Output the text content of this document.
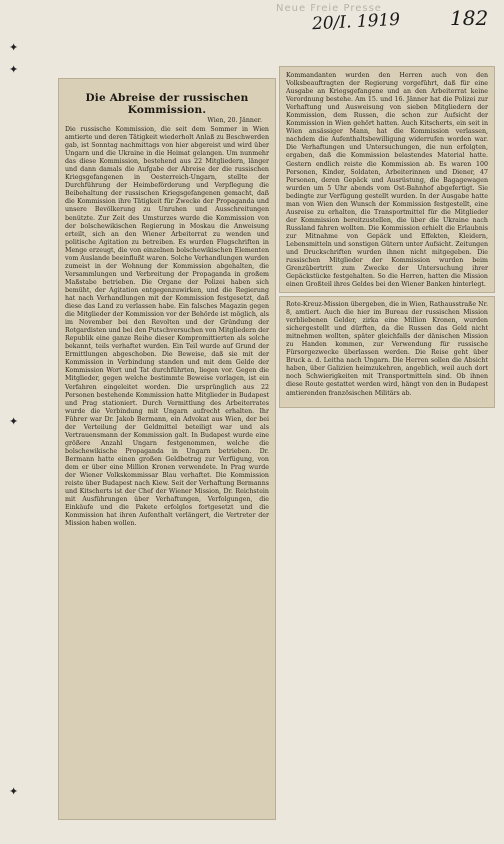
✦
✦
✦
✦
Neue Freie Presse
20/I. 1919 182
Die Abreise der russischen Kommission.
Wien, 20. Jänner.

Die russische Kommission, die seit dem Sommer in Wien amtierte und deren Tätigkeit wiederholt Anlaß zu Beschwerden gab, ist Sonntag nachmittags von hier abgereist und wird über Ungarn und die Ukraine in die Heimat gelangen. Um nunmehr das diese Kommission, bestehend aus 22 Mitgliedern, länger und dann damals die Aufgabe der Abreise der die russischen Kriegsgefangenen in Oesterreich-Ungarn, stellte der Durchführung der Heimbeförderung und Verpflegung die Beibehaltung der russischen Kriegsgefangenen gemacht, daß die Kommission ihre Tätigkeit für Zwecke der Propaganda und unsere Bevölkerung zu Unruhen und Ausschreitungen benützte. Zur Zeit des Umsturzes wurde die Kommission von der bolschewikischen Regierung in Moskau die Anweisung erteilt, sich an den Wiener Arbeiterrat zu wenden und politische Agitation zu betreiben. Es wurden Flugschriften in Menge erzeugt, die von einzelnen bolschewikischen Elementen vom Auslande beeinflußt waren. Solche Verhandlungen wurden zumeist in der Wohnung der Kommission abgehalten, die Versammlungen und Verbreitung der Propaganda in großem Maßstabe betrieben. Die Organe der Polizei haben sich bemüht, der Agitation entgegenzuwirken, und die Regierung hat nach Verhandlungen mit der Kommission festgesetzt, daß diese das Land zu verlassen habe. Ein falsches Magazin gegen die Mitglieder der Kommission vor der Behörde ist möglich, als im November bei den Revolten und der Gründung der Rotgardisten und bei den Putschversuchen von Mitgliedern der Republik eine ganze Reihe dieser Kompromittierten als solche bekannt, teils verhaftet wurden. Ein Teil wurde auf Grund der Ermittlungen abgeschoben. Die Beweise, daß sie mit der Kommission in Verbindung standen und mit dem Gelde der Kommission Wort und Tat durchführten, liegen vor. Gegen die Mitglieder, gegen welche bestimmte Beweise vorlagen, ist ein Verfahren eingeleitet worden. Die ursprünglich aus 22 Personen bestehende Kommission hatte Mitglieder in Budapest und Prag stationiert. Durch Vermittlung des Arbeiterrates wurde die Verbindung mit Ungarn aufrecht erhalten. Ihr Führer war Dr. Jakob Bermann, ein Advokat aus Wien, der bei der Verteilung der Geldmittel beteiligt war und als Vertrauensmann der Kommission galt. In Budapest wurde eine größere Anzahl Ungarn festgenommen, welche die bolschewikische Propaganda in Ungarn betrieben. Dr. Bermann hatte einen großen Geldbetrag zur Verfügung, von dem er über eine Million Kronen verwendete. In Prag wurde der Wiener Volkskommissar Blau verhaftet. Die Kommission reiste über Budapest nach Kiew. Seit der Verhaftung Bermanns und Kitscherts ist der Chef der Wiener Mission, Dr. Reichstein mit Ausführungen über Verhaftungen, Verfolgungen, die Einkäufe und die Pakete erfolglos fortgesetzt und die Kommission hat ihren Aufenthalt verlängert, die Vertreter der Mission haben wollen.

Kommandanten wurden den Herren auch von den Volksbeauftragten der Regierung vorgeführt, daß für eine Ausgabe an Kriegsgefangene und an den Arbeiterrat keine Verordnung bestehe. Am 15. und 16. Jänner hat die Polizei zur Verhaftung und Ausweisung von sieben Mitgliedern der Kommission, dem Russen, die schon zur Aufsicht der Kommission in Wien gehört hatten. Auch Kitscherts, ein seit in Wien ansässiger Mann, hat die Kommission verlassen, nachdem die Aufenthaltsbewilligung widerrufen worden war. Die Verhaftungen und Untersuchungen, die nun erfolgten, ergaben, daß die Kommission belastendes Material hatte. Gestern endlich reiste die Kommission ab. Es waren 100 Personen, Kinder, Soldaten, Arbeiterinnen und Diener, 47 Personen, deren Gepäck und Ausrüstung, die Bagagewagen wurden um 5 Uhr abends vom Ost-Bahnhof abgefertigt. Sie bedingte zur Verfügung gestellt wurden. In der Ausgabe hatte man von Wien den Wunsch der Kommission festgestellt, eine Ausreise zu erhalten, die Transportmittel für die Mitglieder der Kommission bereitzustellen, die über die Ukraine nach Russland fahren wollten. Die Kommission erhielt die Erlaubnis zur Mitnahme von Gepäck und Effekten, Kleidern, Lebensmitteln und sonstigen Gütern unter Aufsicht. Zeitungen und Druckschriften wurden ihnen nicht mitgegeben. Die russischen Mitglieder der Kommission wurden beim Grenzübertritt zum Zwecke der Untersuchung ihrer Gepäckstücke festgehalten. So die Herren, hatten die Mission einen Großteil ihres Geldes bei den Wiener Banken hinterlegt.

Rote-Kreuz-Mission übergeben, die in Wien, Rathausstraße Nr. 8, amtiert. Auch die hier im Bureau der russischen Mission verbliebenen Gelder, zirka eine Million Kronen, wurden sichergestellt und dürften, da die Russen das Geld nicht mitnehmen wollten, später gleichfalls der dänischen Mission zu Handen kommen, zur Verwendung für russische Fürsorgezwecke überlassen werden. Die Reise geht über Bruck a. d. Leitha nach Ungarn. Die Herren sollen die Absicht haben, über Galizien heimzukehren, angeblich, weil auch dort noch Schwierigkeiten mit Transportmitteln sind. Ob ihnen diese Route gestattet werden wird, hängt von den in Budapest amtierenden französischen Militärs ab.
